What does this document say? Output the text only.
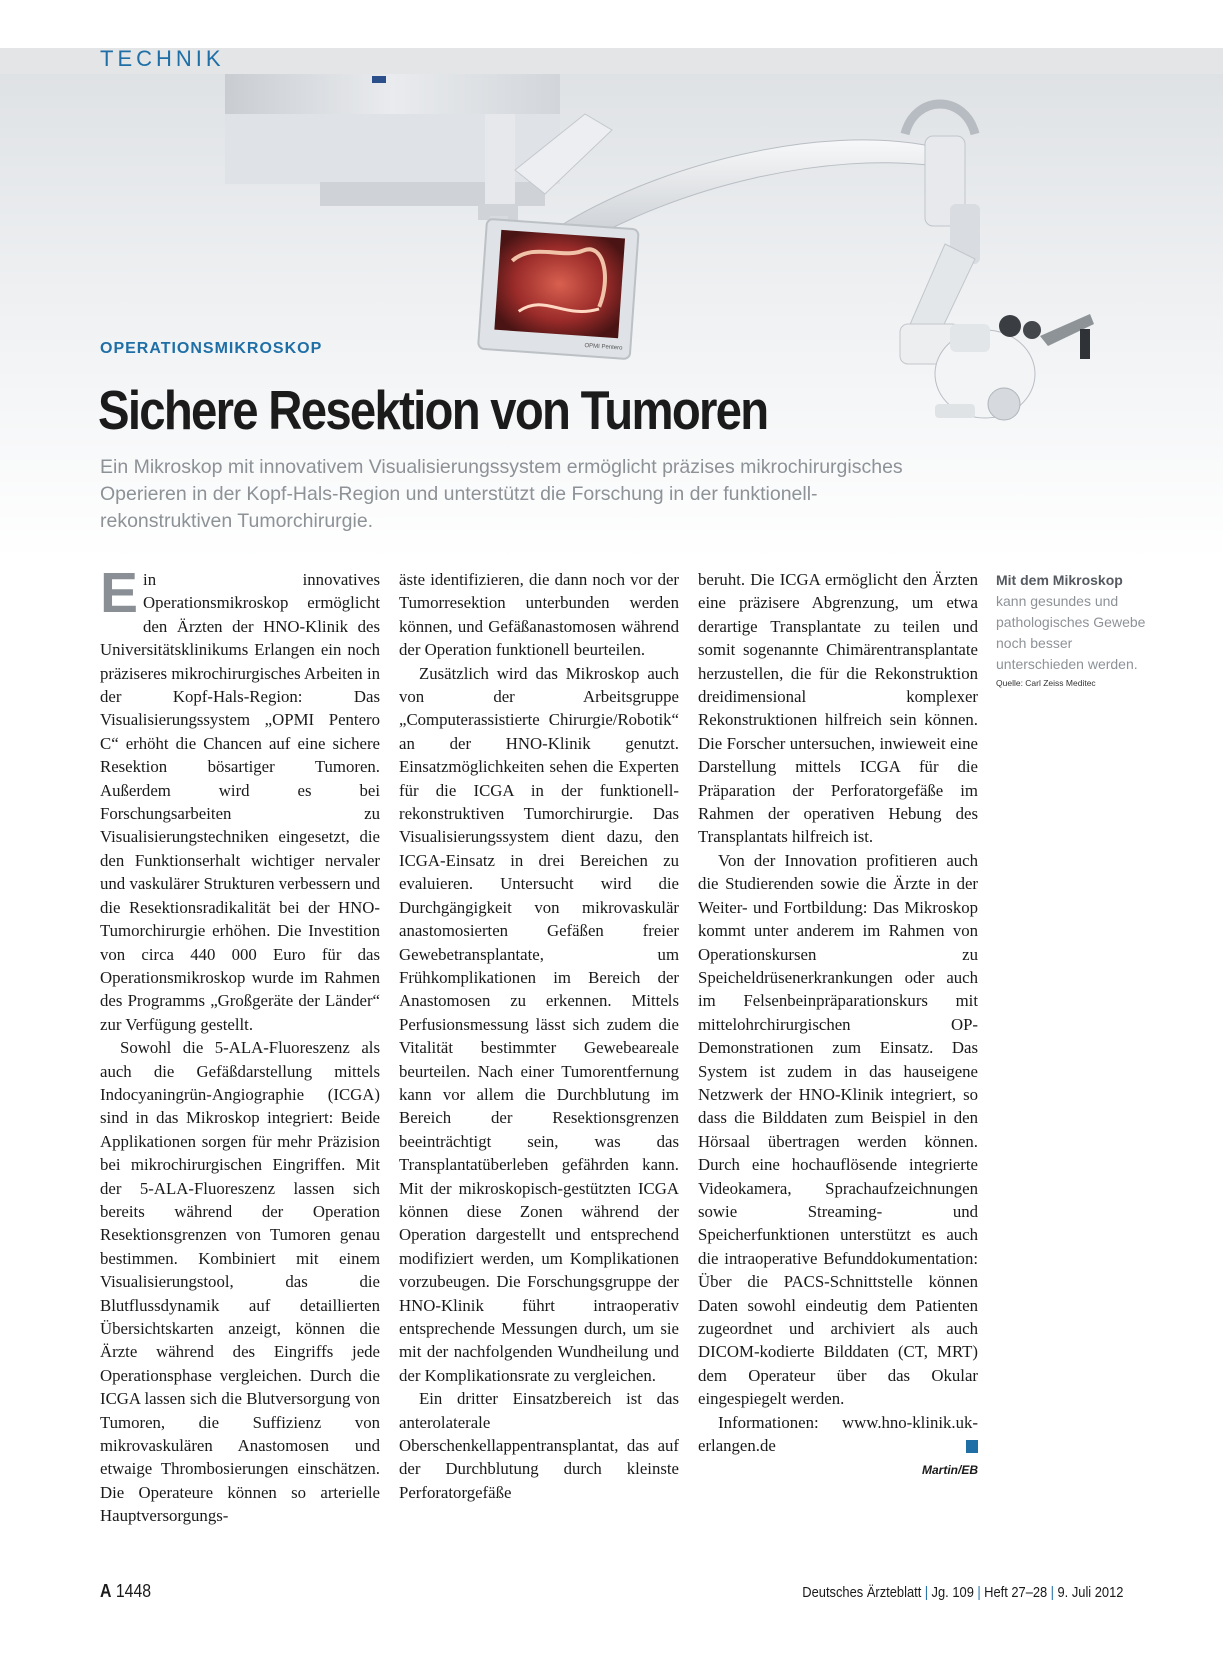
TECHNIK
OPMI Pentero
OPERATIONSMIKROSKOP
Sichere Resektion von Tumoren
Ein Mikroskop mit innovativem Visualisierungssystem ermöglicht präzises mikrochirurgisches Operieren in der Kopf-Hals-Region und unterstützt die Forschung in der funktionell-rekonstruktiven Tumorchirurgie.
E in innovatives Operationsmikroskop ermöglicht den Ärzten der HNO-Klinik des Universitätsklinikums Erlangen ein noch präziseres mikrochirurgisches Arbeiten in der Kopf-Hals-Region: Das Visualisierungssystem „OPMI Pentero C“ erhöht die Chancen auf eine sichere Resektion bösartiger Tumoren. Außerdem wird es bei Forschungsarbeiten zu Visualisierungstechniken eingesetzt, die den Funktionserhalt wichtiger nervaler und vaskulärer Strukturen verbessern und die Resektionsradikalität bei der HNO-Tumorchirurgie erhöhen. Die Investition von circa 440 000 Euro für das Operationsmikroskop wurde im Rahmen des Programms „Großgeräte der Länder“ zur Verfügung gestellt.

Sowohl die 5-ALA-Fluoreszenz als auch die Gefäßdarstellung mittels Indocyaningrün-Angiographie (ICGA) sind in das Mikroskop integriert: Beide Applikationen sorgen für mehr Präzision bei mikrochirurgischen Eingriffen. Mit der 5-ALA-Fluoreszenz lassen sich bereits während der Operation Resektionsgrenzen von Tumoren genau bestimmen. Kombiniert mit einem Visualisierungstool, das die Blutflussdynamik auf detaillierten Übersichtskarten anzeigt, können die Ärzte während des Eingriffs jede Operationsphase vergleichen. Durch die ICGA lassen sich die Blutversorgung von Tumoren, die Suffizienz von mikrovaskulären Anastomosen und etwaige Thrombosierungen einschätzen. Die Operateure können so arterielle Hauptversorgungs-

äste identifizieren, die dann noch vor der Tumorresektion unterbunden werden können, und Gefäßanastomosen während der Operation funktionell beurteilen.

Zusätzlich wird das Mikroskop auch von der Arbeitsgruppe „Computerassistierte Chirurgie/Robotik“ an der HNO-Klinik genutzt. Einsatzmöglichkeiten sehen die Experten für die ICGA in der funktionell-rekonstruktiven Tumorchirurgie. Das Visualisierungssystem dient dazu, den ICGA-Einsatz in drei Bereichen zu evaluieren. Untersucht wird die Durchgängigkeit von mikrovaskulär anastomosierten Gefäßen freier Gewebetransplantate, um Frühkomplikationen im Bereich der Anastomosen zu erkennen. Mittels Perfusionsmessung lässt sich zudem die Vitalität bestimmter Gewebeareale beurteilen. Nach einer Tumorentfernung kann vor allem die Durchblutung im Bereich der Resektionsgrenzen beeinträchtigt sein, was das Transplantatüberleben gefährden kann. Mit der mikroskopisch-gestützten ICGA können diese Zonen während der Operation dargestellt und entsprechend modifiziert werden, um Komplikationen vorzubeugen. Die Forschungsgruppe der HNO-Klinik führt intraoperativ entsprechende Messungen durch, um sie mit der nachfolgenden Wundheilung und der Komplikationsrate zu vergleichen.

Ein dritter Einsatzbereich ist das anterolaterale Oberschenkellappentransplantat, das auf der Durchblutung durch kleinste Perforatorgefäße

beruht. Die ICGA ermöglicht den Ärzten eine präzisere Abgrenzung, um etwa derartige Transplantate zu teilen und somit sogenannte Chimärentransplantate herzustellen, die für die Rekonstruktion dreidimensional komplexer Rekonstruktionen hilfreich sein können. Die Forscher untersuchen, inwieweit eine Darstellung mittels ICGA für die Präparation der Perforatorgefäße im Rahmen der operativen Hebung des Transplantats hilfreich ist.

Von der Innovation profitieren auch die Studierenden sowie die Ärzte in der Weiter- und Fortbildung: Das Mikroskop kommt unter anderem im Rahmen von Operationskursen zu Speicheldrüsenerkrankungen oder auch im Felsenbeinpräparationskurs mit mittelohrchirurgischen OP-Demonstrationen zum Einsatz. Das System ist zudem in das hauseigene Netzwerk der HNO-Klinik integriert, so dass die Bilddaten zum Beispiel in den Hörsaal übertragen werden können. Durch eine hochauflösende integrierte Videokamera, Sprachaufzeichnungen sowie Streaming- und Speicherfunktionen unterstützt es auch die intraoperative Befunddokumentation: Über die PACS-Schnittstelle können Daten sowohl eindeutig dem Patienten zugeordnet und archiviert als auch DICOM-kodierte Bilddaten (CT, MRT) dem Operateur über das Okular eingespiegelt werden.

Informationen: www.hno-klinik.uk-erlangen.de

Martin/EB
Mit dem Mikroskop
kann gesundes und pathologisches Gewebe noch besser unterschieden werden.
Quelle: Carl Zeiss Meditec
A 1448	Deutsches Ärzteblatt | Jg. 109 | Heft 27–28 | 9. Juli 2012
